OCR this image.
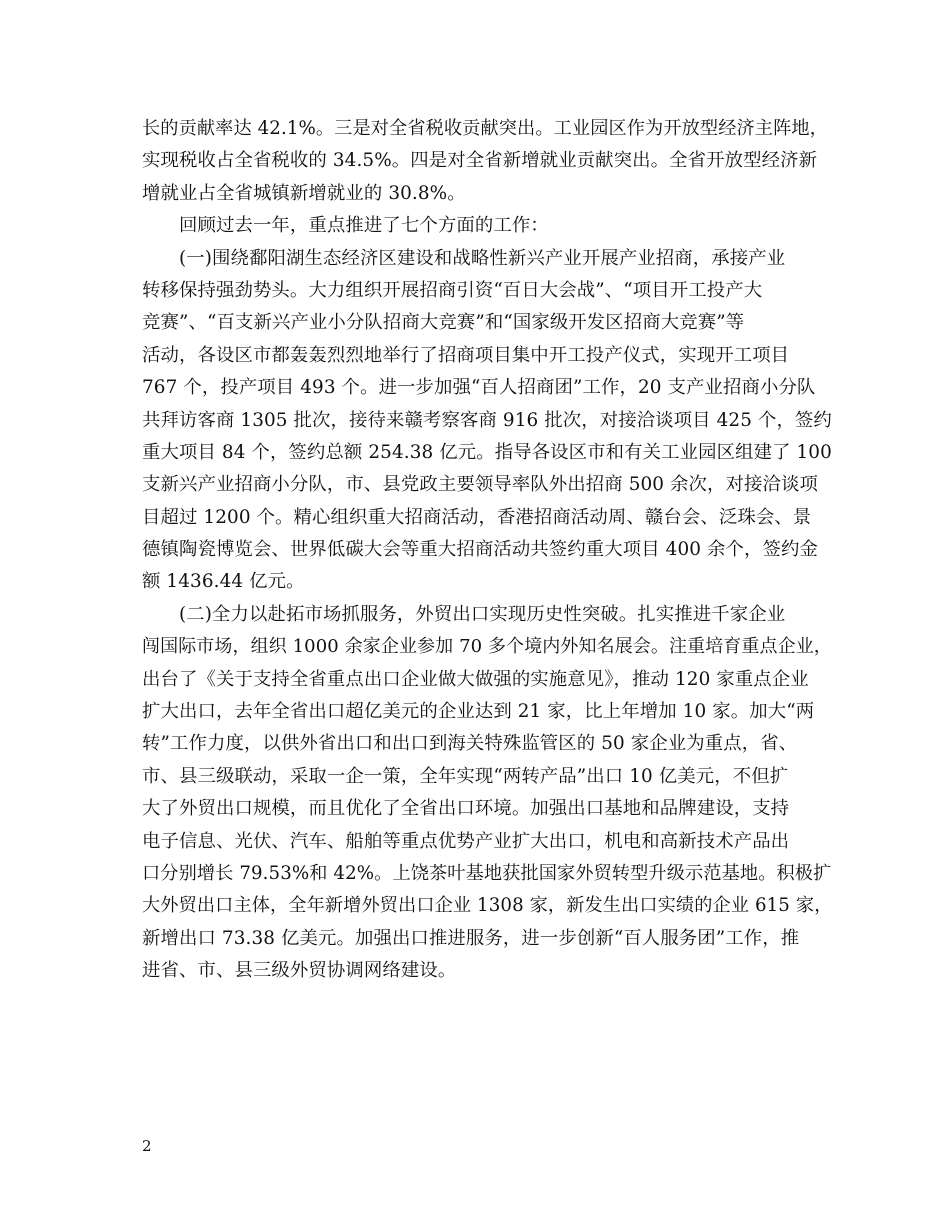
长的贡献率达 42.1%。三是对全省税收贡献突出。工业园区作为开放型经济主阵地，
实现税收占全省税收的 34.5%。四是对全省新增就业贡献突出。全省开放型经济新
增就业占全省城镇新增就业的 30.8%。
　　回顾过去一年，重点推进了七个方面的工作：
　　(一)围绕鄱阳湖生态经济区建设和战略性新兴产业开展产业招商，承接产业
转移保持强劲势头。大力组织开展招商引资“百日大会战”、“项目开工投产大
竞赛”、“百支新兴产业小分队招商大竞赛”和“国家级开发区招商大竞赛”等
活动，各设区市都轰轰烈烈地举行了招商项目集中开工投产仪式，实现开工项目
767 个，投产项目 493 个。进一步加强“百人招商团”工作，20 支产业招商小分队
共拜访客商 1305 批次，接待来赣考察客商 916 批次，对接洽谈项目 425 个，签约
重大项目 84 个，签约总额 254.38 亿元。指导各设区市和有关工业园区组建了 100
支新兴产业招商小分队，市、县党政主要领导率队外出招商 500 余次，对接洽谈项
目超过 1200 个。精心组织重大招商活动，香港招商活动周、赣台会、泛珠会、景
德镇陶瓷博览会、世界低碳大会等重大招商活动共签约重大项目 400 余个，签约金
额 1436.44 亿元。
　　(二)全力以赴拓市场抓服务，外贸出口实现历史性突破。扎实推进千家企业
闯国际市场，组织 1000 余家企业参加 70 多个境内外知名展会。注重培育重点企业，
出台了《关于支持全省重点出口企业做大做强的实施意见》，推动 120 家重点企业
扩大出口，去年全省出口超亿美元的企业达到 21 家，比上年增加 10 家。加大“两
转”工作力度，以供外省出口和出口到海关特殊监管区的 50 家企业为重点，省、
市、县三级联动，采取一企一策，全年实现“两转产品”出口 10 亿美元，不但扩
大了外贸出口规模，而且优化了全省出口环境。加强出口基地和品牌建设，支持
电子信息、光伏、汽车、船舶等重点优势产业扩大出口，机电和高新技术产品出
口分别增长 79.53%和 42%。上饶茶叶基地获批国家外贸转型升级示范基地。积极扩
大外贸出口主体，全年新增外贸出口企业 1308 家，新发生出口实绩的企业 615 家，
新增出口 73.38 亿美元。加强出口推进服务，进一步创新“百人服务团”工作，推
进省、市、县三级外贸协调网络建设。
2
